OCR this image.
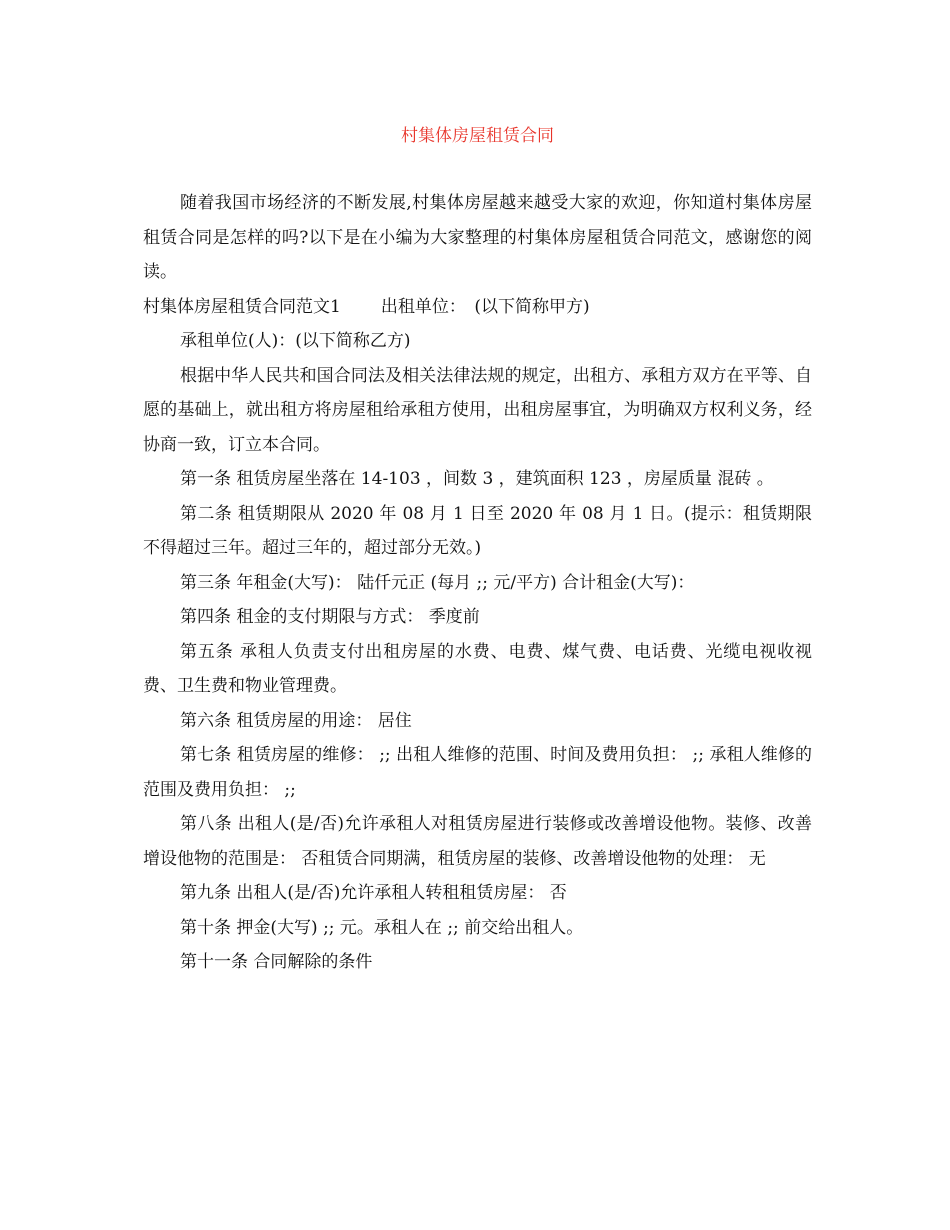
村集体房屋租赁合同

随着我国市场经济的不断发展,村集体房屋越来越受大家的欢迎，你知道村集体房屋租赁合同是怎样的吗?以下是在小编为大家整理的村集体房屋租赁合同范文，感谢您的阅读。

村集体房屋租赁合同范文1 出租单位：　(以下简称甲方)

承租单位(人)：(以下简称乙方)

根据中华人民共和国合同法及相关法律法规的规定，出租方、承租方双方在平等、自愿的基础上，就出租方将房屋租给承租方使用，出租房屋事宜，为明确双方权利义务，经协商一致，订立本合同。

第一条 租赁房屋坐落在 14-103 ，间数 3 ，建筑面积 123 ，房屋质量 混砖 。

第二条 租赁期限从 2020 年 08 月 1 日至 2020 年 08 月 1 日。(提示：租赁期限不得超过三年。超过三年的，超过部分无效。)

第三条 年租金(大写)： 陆仟元正 (每月 ;; 元/平方) 合计租金(大写)：

第四条 租金的支付期限与方式： 季度前

第五条 承租人负责支付出租房屋的水费、电费、煤气费、电话费、光缆电视收视费、卫生费和物业管理费。

第六条 租赁房屋的用途： 居住

第七条 租赁房屋的维修： ;; 出租人维修的范围、时间及费用负担： ;; 承租人维修的范围及费用负担： ;;

第八条 出租人(是/否)允许承租人对租赁房屋进行装修或改善增设他物。装修、改善增设他物的范围是： 否租赁合同期满，租赁房屋的装修、改善增设他物的处理： 无

第九条 出租人(是/否)允许承租人转租租赁房屋： 否

第十条 押金(大写) ;; 元。承租人在 ;; 前交给出租人。

第十一条 合同解除的条件
